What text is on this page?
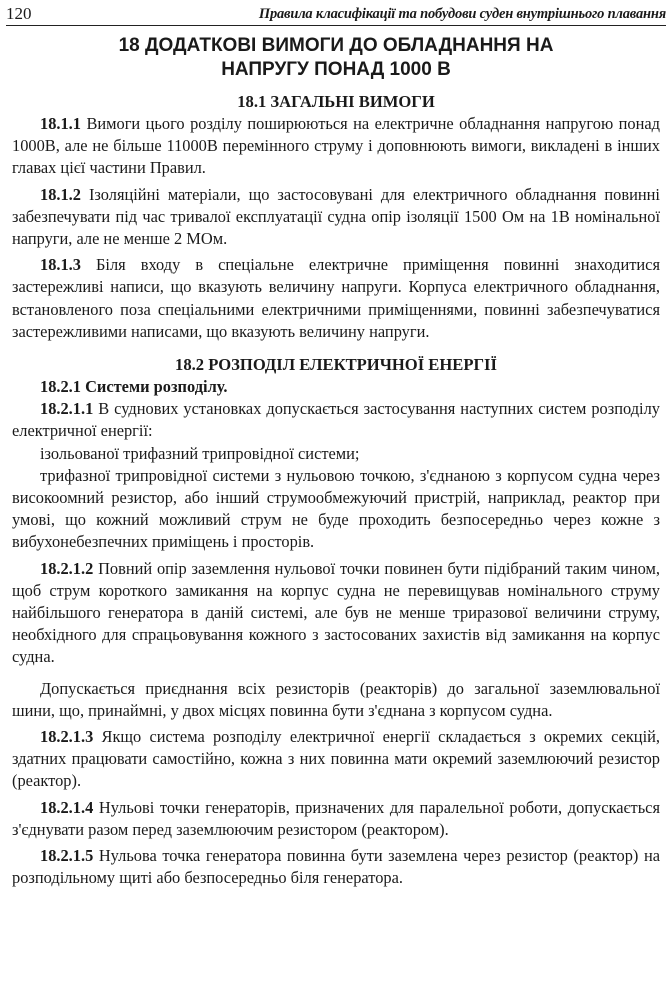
120	Правила класифікації та побудови суден внутрішнього плавання
18 ДОДАТКОВІ ВИМОГИ ДО ОБЛАДНАННЯ НА
НАПРУГУ ПОНАД 1000 В
18.1 ЗАГАЛЬНІ ВИМОГИ

18.1.1 Вимоги цього розділу поширюються на електричне обладнання напругою понад 1000В, але не більше 11000В перемінного струму і доповнюють вимоги, викладені в інших главах цієї частини Правил.

18.1.2 Ізоляційні матеріали, що застосовувані для електричного обладнання повинні забезпечувати під час тривалої експлуатації судна опір ізоляції 1500 Ом на 1В номінальної напруги, але не менше 2 МОм.

18.1.3 Біля входу в спеціальне електричне приміщення повинні знаходитися застережливі написи, що вказують величину напруги. Корпуса електричного обладнання, встановленого поза спеціальними електричними приміщеннями, повинні забезпечуватися застережливими написами, що вказують величину напруги.

18.2 РОЗПОДІЛ ЕЛЕКТРИЧНОЇ ЕНЕРГІЇ

18.2.1 Системи розподілу.

18.2.1.1 В суднових установках допускається застосування наступних систем розподілу електричної енергії:

ізольованої трифазний трипровідної системи;

трифазної трипровідної системи з нульовою точкою, з'єднаною з корпусом судна через високоомний резистор, або інший струмообмежуючий пристрій, наприклад, реактор при умові, що кожний можливий струм не буде проходить безпосередньо через кожне з вибухонебезпечних приміщень і просторів.

18.2.1.2 Повний опір заземлення нульової точки повинен бути підібраний таким чином, щоб струм короткого замикання на корпус судна не перевищував номінального струму найбільшого генератора в даній системі, але був не менше триразової величини струму, необхідного для спрацьовування кожного з застосованих захистів від замикання на корпус судна.

Допускається приєднання всіх резисторів (реакторів) до загальної заземлювальної шини, що, принаймні, у двох місцях повинна бути з'єднана з корпусом судна.

18.2.1.3 Якщо система розподілу електричної енергії складається з окремих секцій, здатних працювати самостійно, кожна з них повинна мати окремий заземлюючий резистор (реактор).

18.2.1.4 Нульові точки генераторів, призначених для паралельної роботи, допускається з'єднувати разом перед заземлюючим резистором (реактором).

18.2.1.5 Нульова точка генератора повинна бути заземлена через резистор (реактор) на розподільному щиті або безпосередньо біля генератора.
